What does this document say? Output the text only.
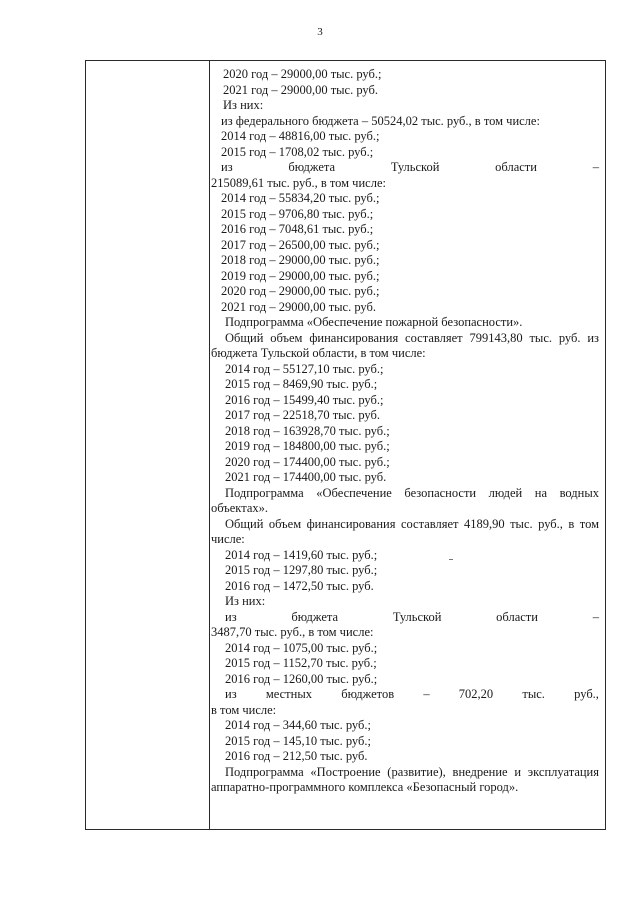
3
2020 год – 29000,00 тыс. руб.;
2021 год – 29000,00 тыс. руб.
Из них:
из федерального бюджета – 50524,02 тыс. руб., в том числе:
2014 год – 48816,00 тыс. руб.;
2015 год – 1708,02 тыс. руб.;
из	бюджета	Тульской	области	–
215089,61 тыс. руб., в том числе:
2014 год – 55834,20 тыс. руб.;
2015 год – 9706,80 тыс. руб.;
2016 год – 7048,61 тыс. руб.;
2017 год – 26500,00 тыс. руб.;
2018 год – 29000,00 тыс. руб.;
2019 год – 29000,00 тыс. руб.;
2020 год – 29000,00 тыс. руб.;
2021 год – 29000,00 тыс. руб.
Подпрограмма «Обеспечение пожарной безопасности».
Общий объем финансирования составляет 799143,80 тыс. руб. из бюджета Тульской области, в том числе:
2014 год – 55127,10 тыс. руб.;
2015 год – 8469,90 тыс. руб.;
2016 год – 15499,40 тыс. руб.;
2017 год – 22518,70 тыс. руб.
2018 год – 163928,70 тыс. руб.;
2019 год – 184800,00 тыс. руб.;
2020 год – 174400,00 тыс. руб.;
2021 год – 174400,00 тыс. руб.
Подпрограмма «Обеспечение безопасности людей на водных объектах».
Общий объем финансирования составляет 4189,90 тыс. руб., в том числе:
2014 год – 1419,60 тыс. руб.;
2015 год – 1297,80 тыс. руб.;
2016 год – 1472,50 тыс. руб.
Из них:
из	бюджета	Тульской	области	–
3487,70 тыс. руб., в том числе:
2014 год – 1075,00 тыс. руб.;
2015 год – 1152,70 тыс. руб.;
2016 год – 1260,00 тыс. руб.;
из местных бюджетов – 702,20 тыс. руб.,
в том числе:
2014 год – 344,60 тыс. руб.;
2015 год – 145,10 тыс. руб.;
2016 год – 212,50 тыс. руб.
Подпрограмма «Построение (развитие), внедрение и эксплуатация аппаратно-программного комплекса «Безопасный город».
